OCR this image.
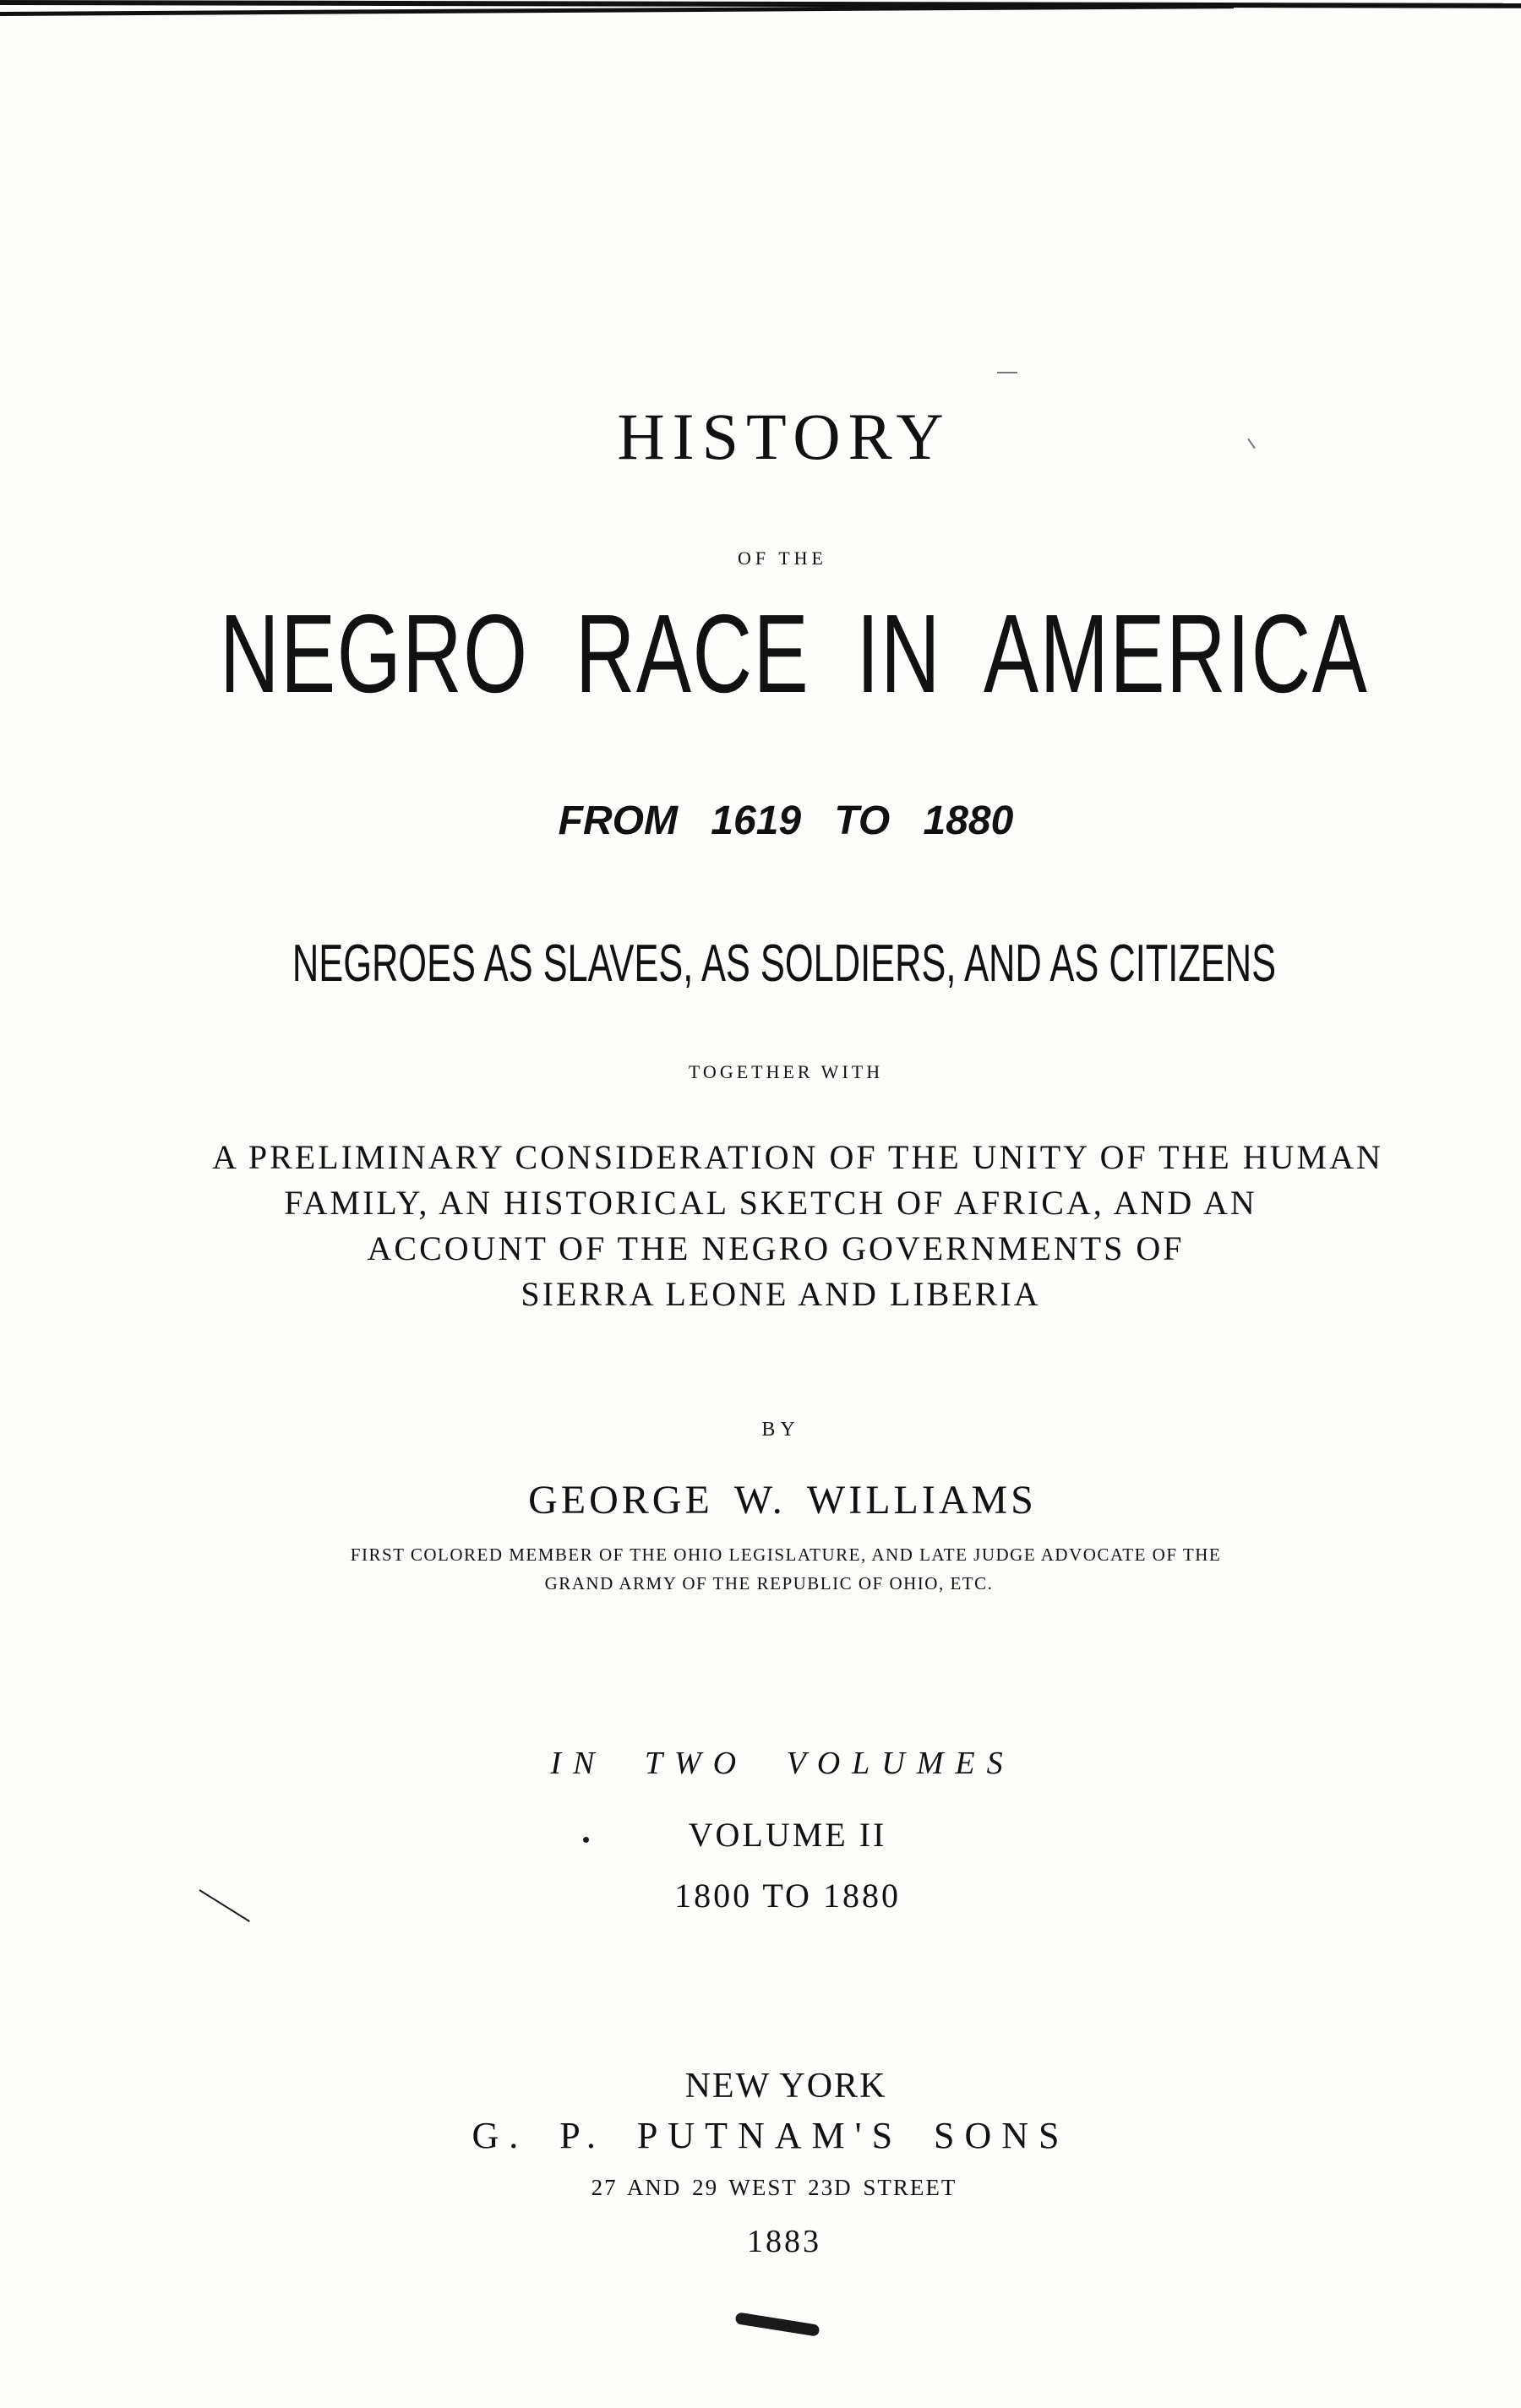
HISTORY
OF THE
NEGRO RACE IN AMERICA
FROM 1619 TO 1880
NEGROES AS SLAVES, AS SOLDIERS, AND AS CITIZENS
TOGETHER WITH
A PRELIMINARY CONSIDERATION OF THE UNITY OF THE HUMAN
FAMILY, AN HISTORICAL SKETCH OF AFRICA, AND AN
ACCOUNT OF THE NEGRO GOVERNMENTS OF
SIERRA LEONE AND LIBERIA
BY
GEORGE W. WILLIAMS
FIRST COLORED MEMBER OF THE OHIO LEGISLATURE, AND LATE JUDGE ADVOCATE OF THE
GRAND ARMY OF THE REPUBLIC OF OHIO, ETC.
IN TWO VOLUMES
VOLUME II
1800 TO 1880
NEW YORK
G. P. PUTNAM'S SONS
27 AND 29 WEST 23D STREET
1883
